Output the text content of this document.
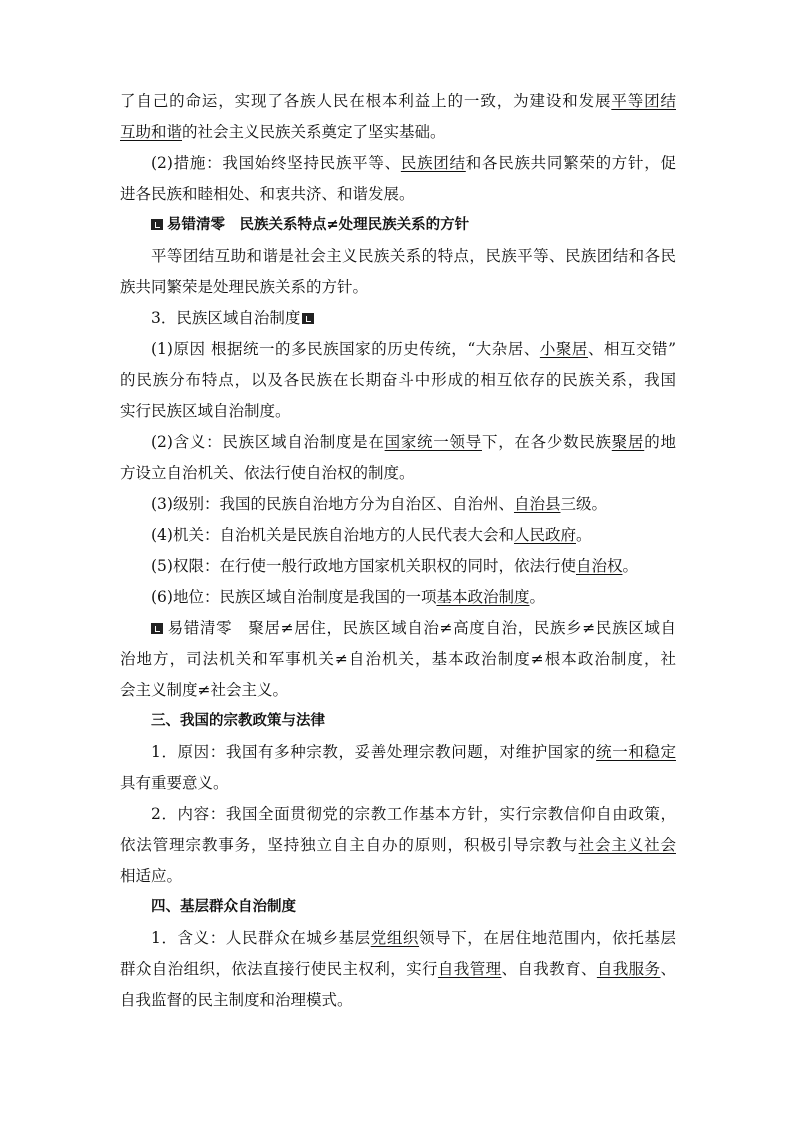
了自己的命运，实现了各族人民在根本利益上的一致，为建设和发展平等团结
互助和谐的社会主义民族关系奠定了坚实基础。
(2)措施：我国始终坚持民族平等、民族团结和各民族共同繁荣的方针，促
进各民族和睦相处、和衷共济、和谐发展。
易错清零　民族关系特点≠处理民族关系的方针
平等团结互助和谐是社会主义民族关系的特点，民族平等、民族团结和各民
族共同繁荣是处理民族关系的方针。
3．民族区域自治制度
(1)原因 根据统一的多民族国家的历史传统，“大杂居、小聚居、相互交错”
的民族分布特点，以及各民族在长期奋斗中形成的相互依存的民族关系，我国
实行民族区域自治制度。
(2)含义：民族区域自治制度是在国家统一领导下，在各少数民族聚居的地
方设立自治机关、依法行使自治权的制度。
(3)级别：我国的民族自治地方分为自治区、自治州、自治县三级。
(4)机关：自治机关是民族自治地方的人民代表大会和人民政府。
(5)权限：在行使一般行政地方国家机关职权的同时，依法行使自治权。
(6)地位：民族区域自治制度是我国的一项基本政治制度。
易错清零　聚居≠居住，民族区域自治≠高度自治，民族乡≠民族区域自
治地方，司法机关和军事机关≠自治机关，基本政治制度≠根本政治制度，社
会主义制度≠社会主义。
三、我国的宗教政策与法律
1．原因：我国有多种宗教，妥善处理宗教问题，对维护国家的统一和稳定
具有重要意义。
2．内容：我国全面贯彻党的宗教工作基本方针，实行宗教信仰自由政策，
依法管理宗教事务，坚持独立自主自办的原则，积极引导宗教与社会主义社会
相适应。
四、基层群众自治制度
1．含义：人民群众在城乡基层党组织领导下，在居住地范围内，依托基层
群众自治组织，依法直接行使民主权利，实行自我管理、自我教育、自我服务、
自我监督的民主制度和治理模式。
